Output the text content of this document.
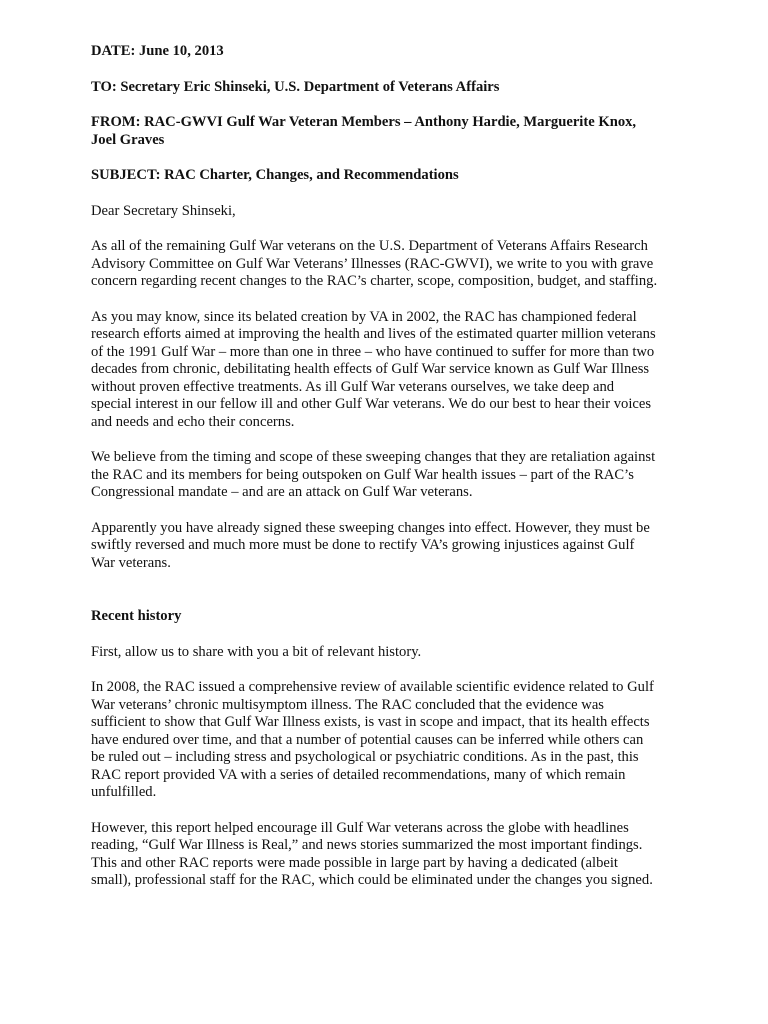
DATE: June 10, 2013

TO: Secretary Eric Shinseki, U.S. Department of Veterans Affairs

FROM: RAC-GWVI Gulf War Veteran Members – Anthony Hardie, Marguerite Knox,
Joel Graves

SUBJECT: RAC Charter, Changes, and Recommendations

Dear Secretary Shinseki,

As all of the remaining Gulf War veterans on the U.S. Department of Veterans Affairs Research
Advisory Committee on Gulf War Veterans’ Illnesses (RAC-GWVI), we write to you with grave
concern regarding recent changes to the RAC’s charter, scope, composition, budget, and staffing.

As you may know, since its belated creation by VA in 2002, the RAC has championed federal
research efforts aimed at improving the health and lives of the estimated quarter million veterans
of the 1991 Gulf War – more than one in three – who have continued to suffer for more than two
decades from chronic, debilitating health effects of Gulf War service known as Gulf War Illness
without proven effective treatments. As ill Gulf War veterans ourselves, we take deep and
special interest in our fellow ill and other Gulf War veterans. We do our best to hear their voices
and needs and echo their concerns.

We believe from the timing and scope of these sweeping changes that they are retaliation against
the RAC and its members for being outspoken on Gulf War health issues – part of the RAC’s
Congressional mandate – and are an attack on Gulf War veterans.

Apparently you have already signed these sweeping changes into effect. However, they must be
swiftly reversed and much more must be done to rectify VA’s growing injustices against Gulf
War veterans.

Recent history

First, allow us to share with you a bit of relevant history.

In 2008, the RAC issued a comprehensive review of available scientific evidence related to Gulf
War veterans’ chronic multisymptom illness. The RAC concluded that the evidence was
sufficient to show that Gulf War Illness exists, is vast in scope and impact, that its health effects
have endured over time, and that a number of potential causes can be inferred while others can
be ruled out – including stress and psychological or psychiatric conditions. As in the past, this
RAC report provided VA with a series of detailed recommendations, many of which remain
unfulfilled.

However, this report helped encourage ill Gulf War veterans across the globe with headlines
reading, “Gulf War Illness is Real,” and news stories summarized the most important findings.
This and other RAC reports were made possible in large part by having a dedicated (albeit
small), professional staff for the RAC, which could be eliminated under the changes you signed.
